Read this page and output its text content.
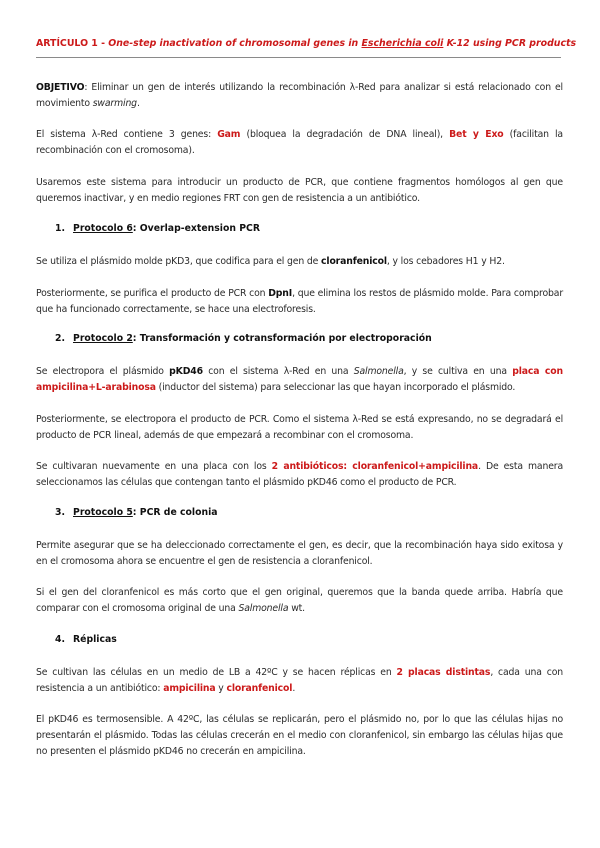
ARTÍCULO 1 - One-step inactivation of chromosomal genes in Escherichia coli K-12 using PCR products
OBJETIVO: Eliminar un gen de interés utilizando la recombinación λ-Red para analizar si está relacionado con el movimiento swarming.
El sistema λ-Red contiene 3 genes: Gam (bloquea la degradación de DNA lineal), Bet y Exo (facilitan la recombinación con el cromosoma).
Usaremos este sistema para introducir un producto de PCR, que contiene fragmentos homólogos al gen que queremos inactivar, y en medio regiones FRT con gen de resistencia a un antibiótico.
1. Protocolo 6: Overlap-extension PCR
Se utiliza el plásmido molde pKD3, que codifica para el gen de cloranfenicol, y los cebadores H1 y H2.
Posteriormente, se purifica el producto de PCR con DpnI, que elimina los restos de plásmido molde. Para comprobar que ha funcionado correctamente, se hace una electroforesis.
2. Protocolo 2: Transformación y cotransformación por electroporación
Se electropora el plásmido pKD46 con el sistema λ-Red en una Salmonella, y se cultiva en una placa con ampicilina+L-arabinosa (inductor del sistema) para seleccionar las que hayan incorporado el plásmido.
Posteriormente, se electropora el producto de PCR. Como el sistema λ-Red se está expresando, no se degradará el producto de PCR lineal, además de que empezará a recombinar con el cromosoma.
Se cultivaran nuevamente en una placa con los 2 antibióticos: cloranfenicol+ampicilina. De esta manera seleccionamos las células que contengan tanto el plásmido pKD46 como el producto de PCR.
3. Protocolo 5: PCR de colonia
Permite asegurar que se ha deleccionado correctamente el gen, es decir, que la recombinación haya sido exitosa y en el cromosoma ahora se encuentre el gen de resistencia a cloranfenicol.
Si el gen del cloranfenicol es más corto que el gen original, queremos que la banda quede arriba. Habría que comparar con el cromosoma original de una Salmonella wt.
4. Réplicas
Se cultivan las células en un medio de LB a 42ºC y se hacen réplicas en 2 placas distintas, cada una con resistencia a un antibiótico: ampicilina y cloranfenicol.
El pKD46 es termosensible. A 42ºC, las células se replicarán, pero el plásmido no, por lo que las células hijas no presentarán el plásmido. Todas las células crecerán en el medio con cloranfenicol, sin embargo las células hijas que no presenten el plásmido pKD46 no crecerán en ampicilina.
